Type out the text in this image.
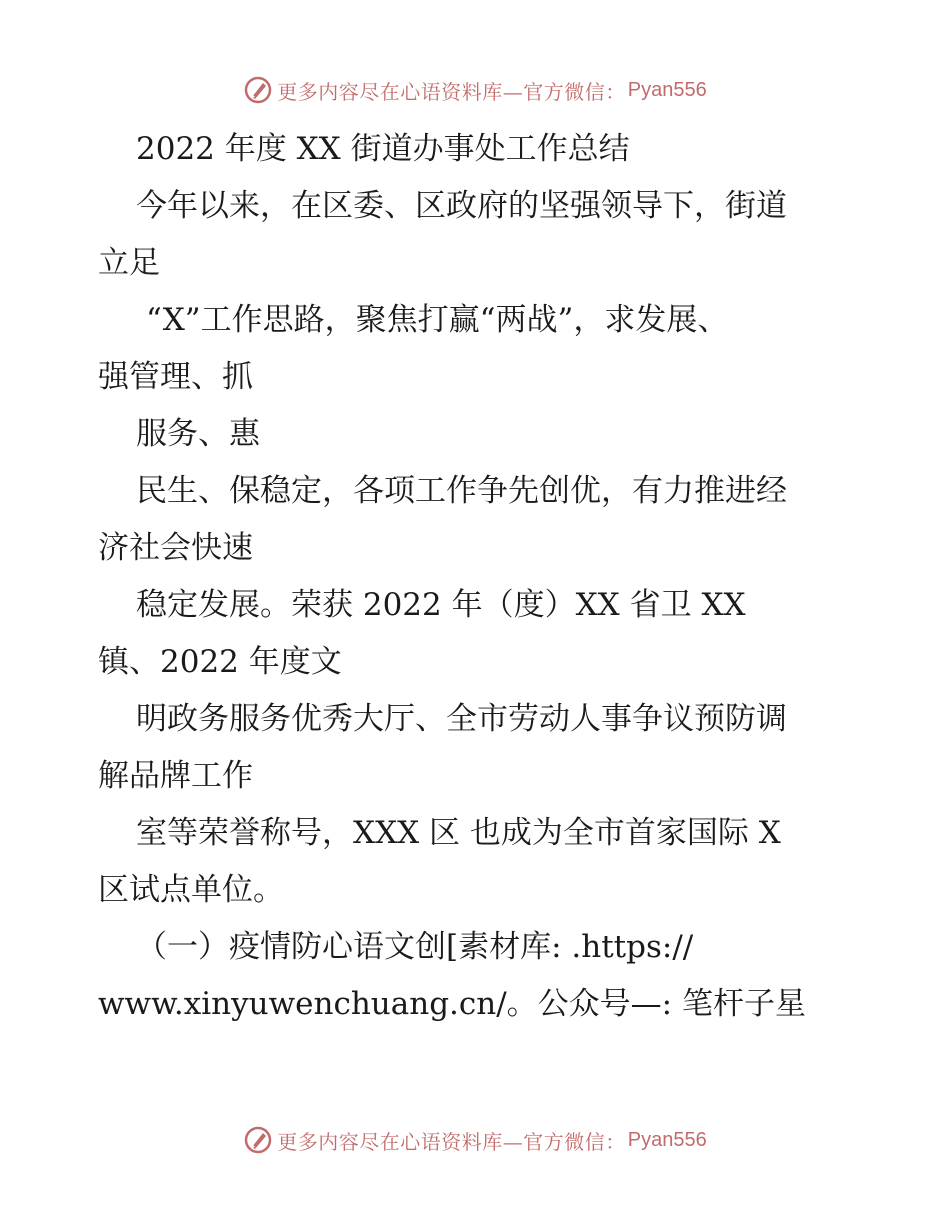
更多内容尽在心语资料库—官方微信： Pyan556
2022 年度 XX 街道办事处工作总结
今年以来，在区委、区政府的坚强领导下，街道
立足
“X”工作思路，聚焦打赢“两战”，求发展、
强管理、抓
服务、惠
民生、保稳定，各项工作争先创优，有力推进经
济社会快速
稳定发展。荣获 2022 年（度）XX 省卫 XX
镇、2022 年度文
明政务服务优秀大厅、全市劳动人事争议预防调
解品牌工作
室等荣誉称号，XXX 区 也成为全市首家国际 X
区试点单位。
（一）疫情防心语文创[素材库: .https://
www.xinyuwenchuang.cn/。公众号—: 笔杆子星
更多内容尽在心语资料库—官方微信： Pyan556
